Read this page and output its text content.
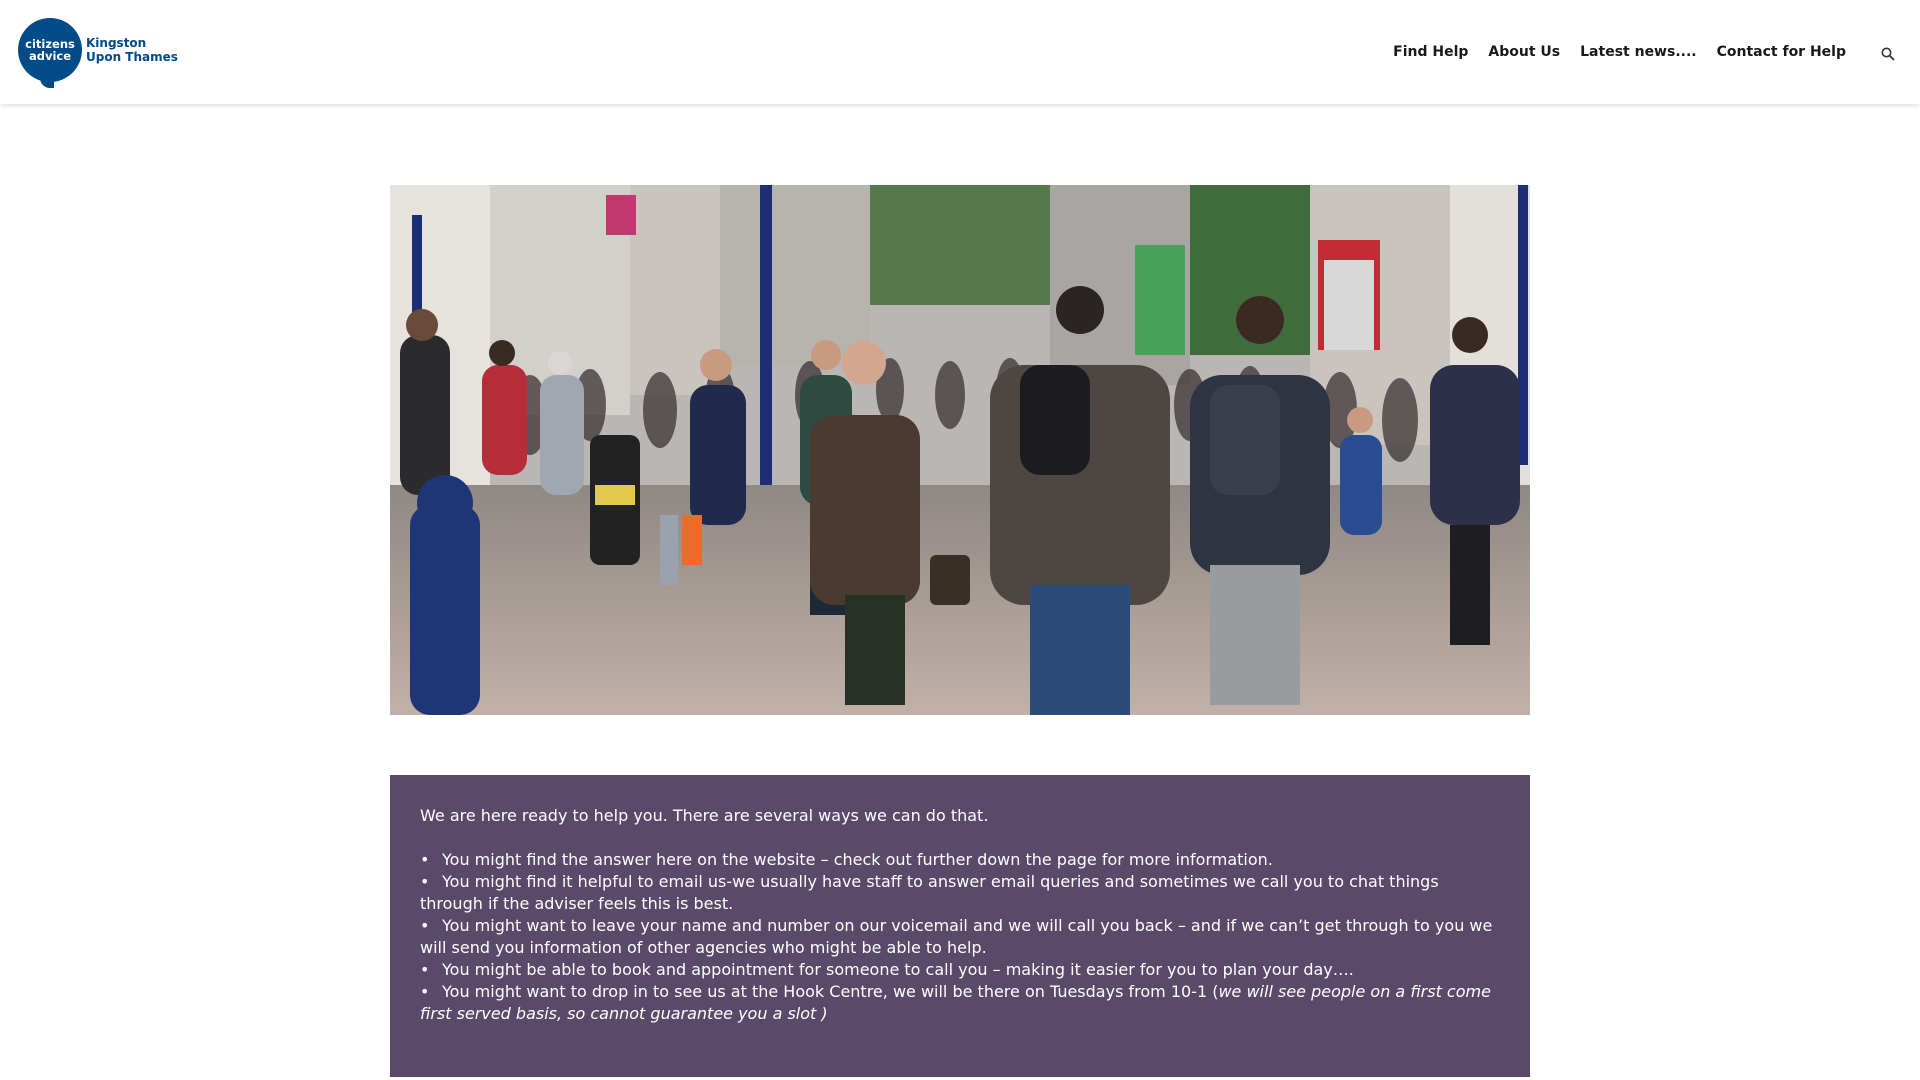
citizens
advice
Kingston
Upon Thames	Find Help About Us Latest news.... Contact for Help

We are here ready to help you. There are several ways we can do that.

• You might find the answer here on the website – check out further down the page for more information.
• You might find it helpful to email us-we usually have staff to answer email queries and sometimes we call you to chat things through if the adviser feels this is best.
• You might want to leave your name and number on our voicemail and we will call you back – and if we can’t get through to you we will send you information of other agencies who might be able to help.
• You might be able to book and appointment for someone to call you – making it easier for you to plan your day….
• You might want to drop in to see us at the Hook Centre, we will be there on Tuesdays from 10-1 (we will see people on a first come first served basis, so cannot guarantee you a slot )
